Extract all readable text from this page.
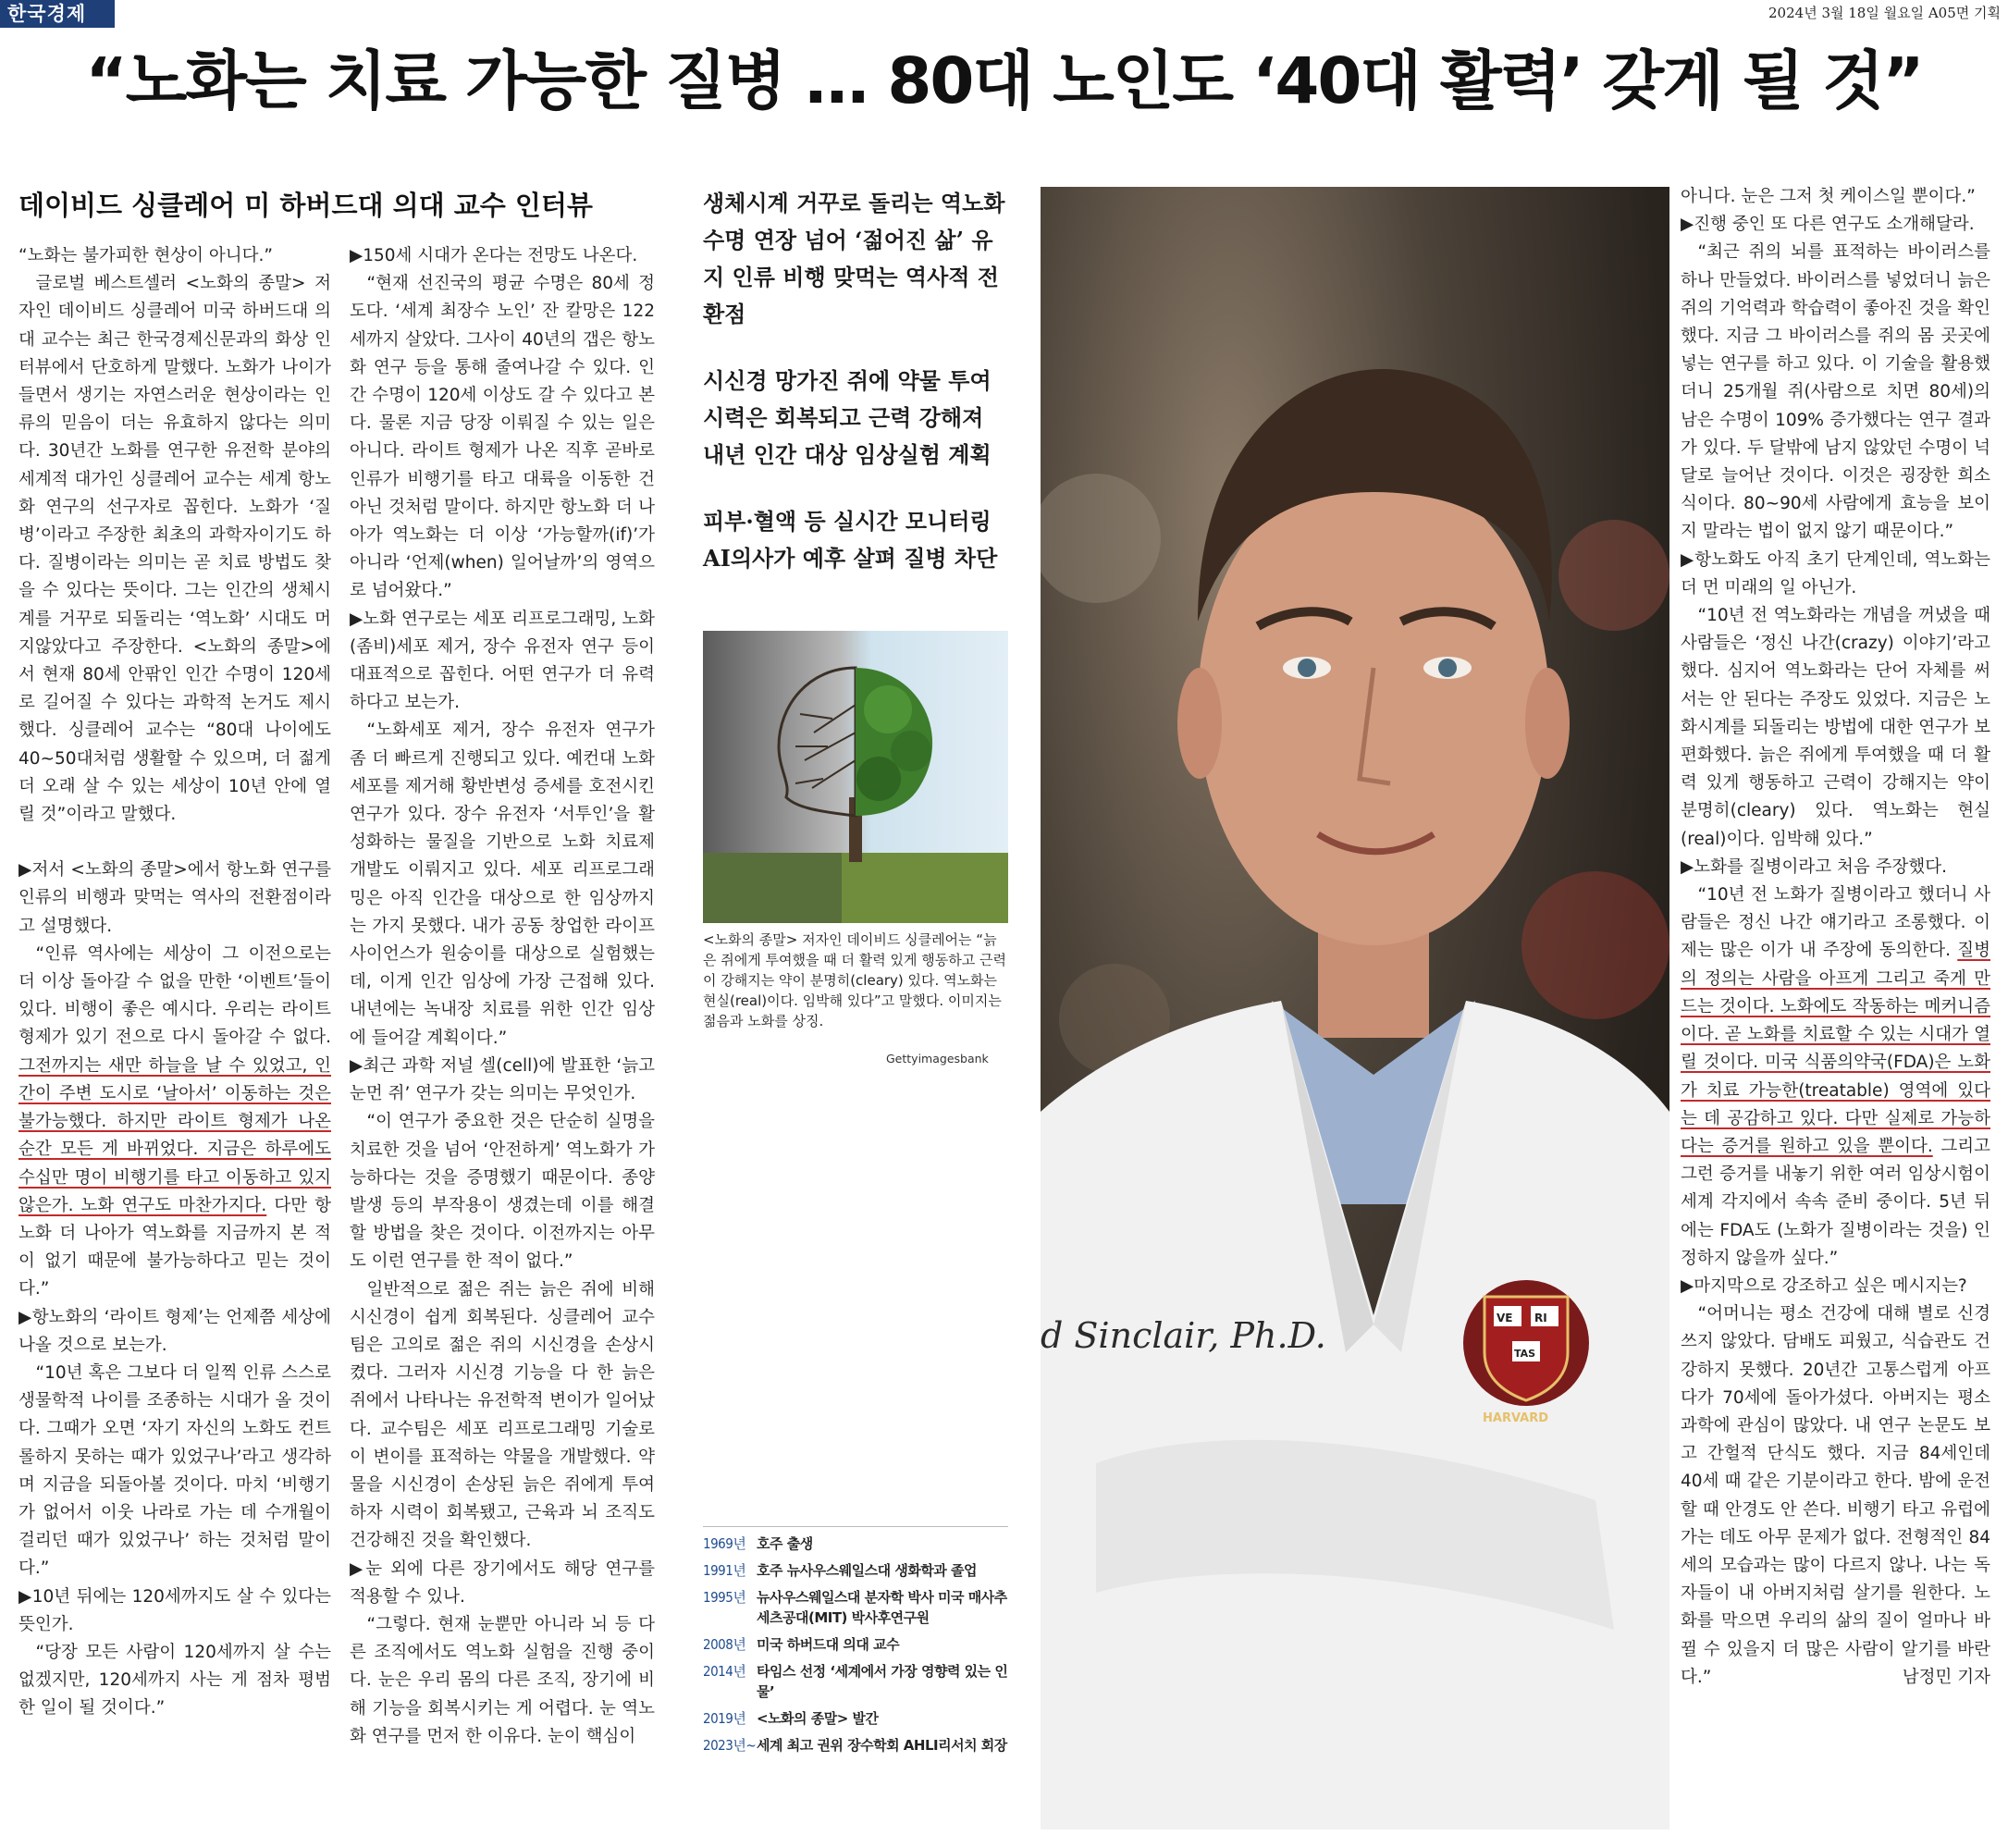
한국경제	2024년 3월 18일 월요일 A05면 기획
“노화는 치료 가능한 질병 … 80대 노인도 ‘40대 활력’ 갖게 될 것”
데이비드 싱클레어 미 하버드대 의대 교수 인터뷰

“노화는 불가피한 현상이 아니다.”

글로벌 베스트셀러 <노화의 종말> 저자인 데이비드 싱클레어 미국 하버드대 의대 교수는 최근 한국경제신문과의 화상 인터뷰에서 단호하게 말했다. 노화가 나이가 들면서 생기는 자연스러운 현상이라는 인류의 믿음이 더는 유효하지 않다는 의미다. 30년간 노화를 연구한 유전학 분야의 세계적 대가인 싱클레어 교수는 세계 항노화 연구의 선구자로 꼽힌다. 노화가 ‘질병’이라고 주장한 최초의 과학자이기도 하다. 질병이라는 의미는 곧 치료 방법도 찾을 수 있다는 뜻이다. 그는 인간의 생체시계를 거꾸로 되돌리는 ‘역노화’ 시대도 머지않았다고 주장한다. <노화의 종말>에서 현재 80세 안팎인 인간 수명이 120세로 길어질 수 있다는 과학적 논거도 제시했다. 싱클레어 교수는 “80대 나이에도 40~50대처럼 생활할 수 있으며, 더 젊게 더 오래 살 수 있는 세상이 10년 안에 열릴 것”이라고 말했다.

▶저서 <노화의 종말>에서 항노화 연구를 인류의 비행과 맞먹는 역사의 전환점이라고 설명했다.

“인류 역사에는 세상이 그 이전으로는 더 이상 돌아갈 수 없을 만한 ‘이벤트’들이 있다. 비행이 좋은 예시다. 우리는 라이트 형제가 있기 전으로 다시 돌아갈 수 없다. 그전까지는 새만 하늘을 날 수 있었고, 인간이 주변 도시로 ‘날아서’ 이동하는 것은 불가능했다. 하지만 라이트 형제가 나온 순간 모든 게 바뀌었다. 지금은 하루에도 수십만 명이 비행기를 타고 이동하고 있지 않은가. 노화 연구도 마찬가지다. 다만 항노화 더 나아가 역노화를 지금까지 본 적이 없기 때문에 불가능하다고 믿는 것이다.”

▶항노화의 ‘라이트 형제’는 언제쯤 세상에 나올 것으로 보는가.

“10년 혹은 그보다 더 일찍 인류 스스로 생물학적 나이를 조종하는 시대가 올 것이다. 그때가 오면 ‘자기 자신의 노화도 컨트롤하지 못하는 때가 있었구나’라고 생각하며 지금을 되돌아볼 것이다. 마치 ‘비행기가 없어서 이웃 나라로 가는 데 수개월이 걸리던 때가 있었구나’ 하는 것처럼 말이다.”

▶10년 뒤에는 120세까지도 살 수 있다는 뜻인가.

“당장 모든 사람이 120세까지 살 수는 없겠지만, 120세까지 사는 게 점차 평범한 일이 될 것이다.”

▶150세 시대가 온다는 전망도 나온다.

“현재 선진국의 평균 수명은 80세 정도다. ‘세계 최장수 노인’ 잔 칼망은 122세까지 살았다. 그사이 40년의 갭은 항노화 연구 등을 통해 줄여나갈 수 있다. 인간 수명이 120세 이상도 갈 수 있다고 본다. 물론 지금 당장 이뤄질 수 있는 일은 아니다. 라이트 형제가 나온 직후 곧바로 인류가 비행기를 타고 대륙을 이동한 건 아닌 것처럼 말이다. 하지만 항노화 더 나아가 역노화는 더 이상 ‘가능할까(if)’가 아니라 ‘언제(when) 일어날까’의 영역으로 넘어왔다.”

▶노화 연구로는 세포 리프로그래밍, 노화(좀비)세포 제거, 장수 유전자 연구 등이 대표적으로 꼽힌다. 어떤 연구가 더 유력하다고 보는가.

“노화세포 제거, 장수 유전자 연구가 좀 더 빠르게 진행되고 있다. 예컨대 노화세포를 제거해 황반변성 증세를 호전시킨 연구가 있다. 장수 유전자 ‘서투인’을 활성화하는 물질을 기반으로 노화 치료제 개발도 이뤄지고 있다. 세포 리프로그래밍은 아직 인간을 대상으로 한 임상까지는 가지 못했다. 내가 공동 창업한 라이프사이언스가 원숭이를 대상으로 실험했는데, 이게 인간 임상에 가장 근접해 있다. 내년에는 녹내장 치료를 위한 인간 임상에 들어갈 계획이다.”

▶최근 과학 저널 셀(cell)에 발표한 ‘늙고 눈먼 쥐’ 연구가 갖는 의미는 무엇인가.

“이 연구가 중요한 것은 단순히 실명을 치료한 것을 넘어 ‘안전하게’ 역노화가 가능하다는 것을 증명했기 때문이다. 종양 발생 등의 부작용이 생겼는데 이를 해결할 방법을 찾은 것이다. 이전까지는 아무도 이런 연구를 한 적이 없다.”

일반적으로 젊은 쥐는 늙은 쥐에 비해 시신경이 쉽게 회복된다. 싱클레어 교수팀은 고의로 젊은 쥐의 시신경을 손상시켰다. 그러자 시신경 기능을 다 한 늙은 쥐에서 나타나는 유전학적 변이가 일어났다. 교수팀은 세포 리프로그래밍 기술로 이 변이를 표적하는 약물을 개발했다. 약물을 시신경이 손상된 늙은 쥐에게 투여하자 시력이 회복됐고, 근육과 뇌 조직도 건강해진 것을 확인했다.

▶눈 외에 다른 장기에서도 해당 연구를 적용할 수 있나.

“그렇다. 현재 눈뿐만 아니라 뇌 등 다른 조직에서도 역노화 실험을 진행 중이다. 눈은 우리 몸의 다른 조직, 장기에 비해 기능을 회복시키는 게 어렵다. 눈 역노화 연구를 먼저 한 이유다. 눈이 핵심이

생체시계 거꾸로 돌리는 역노화 수명 연장 넘어 ‘젊어진 삶’ 유지 인류 비행 맞먹는 역사적 전환점

시신경 망가진 쥐에 약물 투여 시력은 회복되고 근력 강해져 내년 인간 대상 임상실험 계획

피부·혈액 등 실시간 모니터링 AI의사가 예후 살펴 질병 차단

<노화의 종말> 저자인 데이비드 싱클레어는 “늙은 쥐에게 투여했을 때 더 활력 있게 행동하고 근력이 강해지는 약이 분명히(cleary) 있다. 역노화는 현실(real)이다. 임박해 있다”고 말했다. 이미지는 젊음과 노화를 상징.

Gettyimagesbank
1969년 호주 출생
1991년 호주 뉴사우스웨일스대 생화학과 졸업
1995년 뉴사우스웨일스대 분자학 박사 미국 매사추세츠공대(MIT) 박사후연구원
2008년 미국 하버드대 의대 교수
2014년 타임스 선정 ‘세계에서 가장 영향력 있는 인물’
2019년 <노화의 종말> 발간
2023년~ 세계 최고 권위 장수학회 AHLI리서치 회장
d Sinclair, Ph.D.	VE RI
TAS
HARVARD

아니다. 눈은 그저 첫 케이스일 뿐이다.”

▶진행 중인 또 다른 연구도 소개해달라.

“최근 쥐의 뇌를 표적하는 바이러스를 하나 만들었다. 바이러스를 넣었더니 늙은 쥐의 기억력과 학습력이 좋아진 것을 확인했다. 지금 그 바이러스를 쥐의 몸 곳곳에 넣는 연구를 하고 있다. 이 기술을 활용했더니 25개월 쥐(사람으로 치면 80세)의 남은 수명이 109% 증가했다는 연구 결과가 있다. 두 달밖에 남지 않았던 수명이 넉 달로 늘어난 것이다. 이것은 굉장한 희소식이다. 80~90세 사람에게 효능을 보이지 말라는 법이 없지 않기 때문이다.”

▶항노화도 아직 초기 단계인데, 역노화는 더 먼 미래의 일 아닌가.

“10년 전 역노화라는 개념을 꺼냈을 때 사람들은 ‘정신 나간(crazy) 이야기’라고 했다. 심지어 역노화라는 단어 자체를 써서는 안 된다는 주장도 있었다. 지금은 노화시계를 되돌리는 방법에 대한 연구가 보편화했다. 늙은 쥐에게 투여했을 때 더 활력 있게 행동하고 근력이 강해지는 약이 분명히(cleary) 있다. 역노화는 현실(real)이다. 임박해 있다.”

▶노화를 질병이라고 처음 주장했다.

“10년 전 노화가 질병이라고 했더니 사람들은 정신 나간 얘기라고 조롱했다. 이제는 많은 이가 내 주장에 동의한다. 질병의 정의는 사람을 아프게 그리고 죽게 만드는 것이다. 노화에도 작동하는 메커니즘이다. 곧 노화를 치료할 수 있는 시대가 열릴 것이다. 미국 식품의약국(FDA)은 노화가 치료 가능한(treatable) 영역에 있다는 데 공감하고 있다. 다만 실제로 가능하다는 증거를 원하고 있을 뿐이다. 그리고 그런 증거를 내놓기 위한 여러 임상시험이 세계 각지에서 속속 준비 중이다. 5년 뒤에는 FDA도 (노화가 질병이라는 것을) 인정하지 않을까 싶다.”

▶마지막으로 강조하고 싶은 메시지는?

“어머니는 평소 건강에 대해 별로 신경 쓰지 않았다. 담배도 피웠고, 식습관도 건강하지 못했다. 20년간 고통스럽게 아프다가 70세에 돌아가셨다. 아버지는 평소 과학에 관심이 많았다. 내 연구 논문도 보고 간헐적 단식도 했다. 지금 84세인데 40세 때 같은 기분이라고 한다. 밤에 운전할 때 안경도 안 쓴다. 비행기 타고 유럽에 가는 데도 아무 문제가 없다. 전형적인 84세의 모습과는 많이 다르지 않나. 나는 독자들이 내 아버지처럼 살기를 원한다. 노화를 막으면 우리의 삶의 질이 얼마나 바뀔 수 있을지 더 많은 사람이 알기를 바란다.”	남정민 기자
